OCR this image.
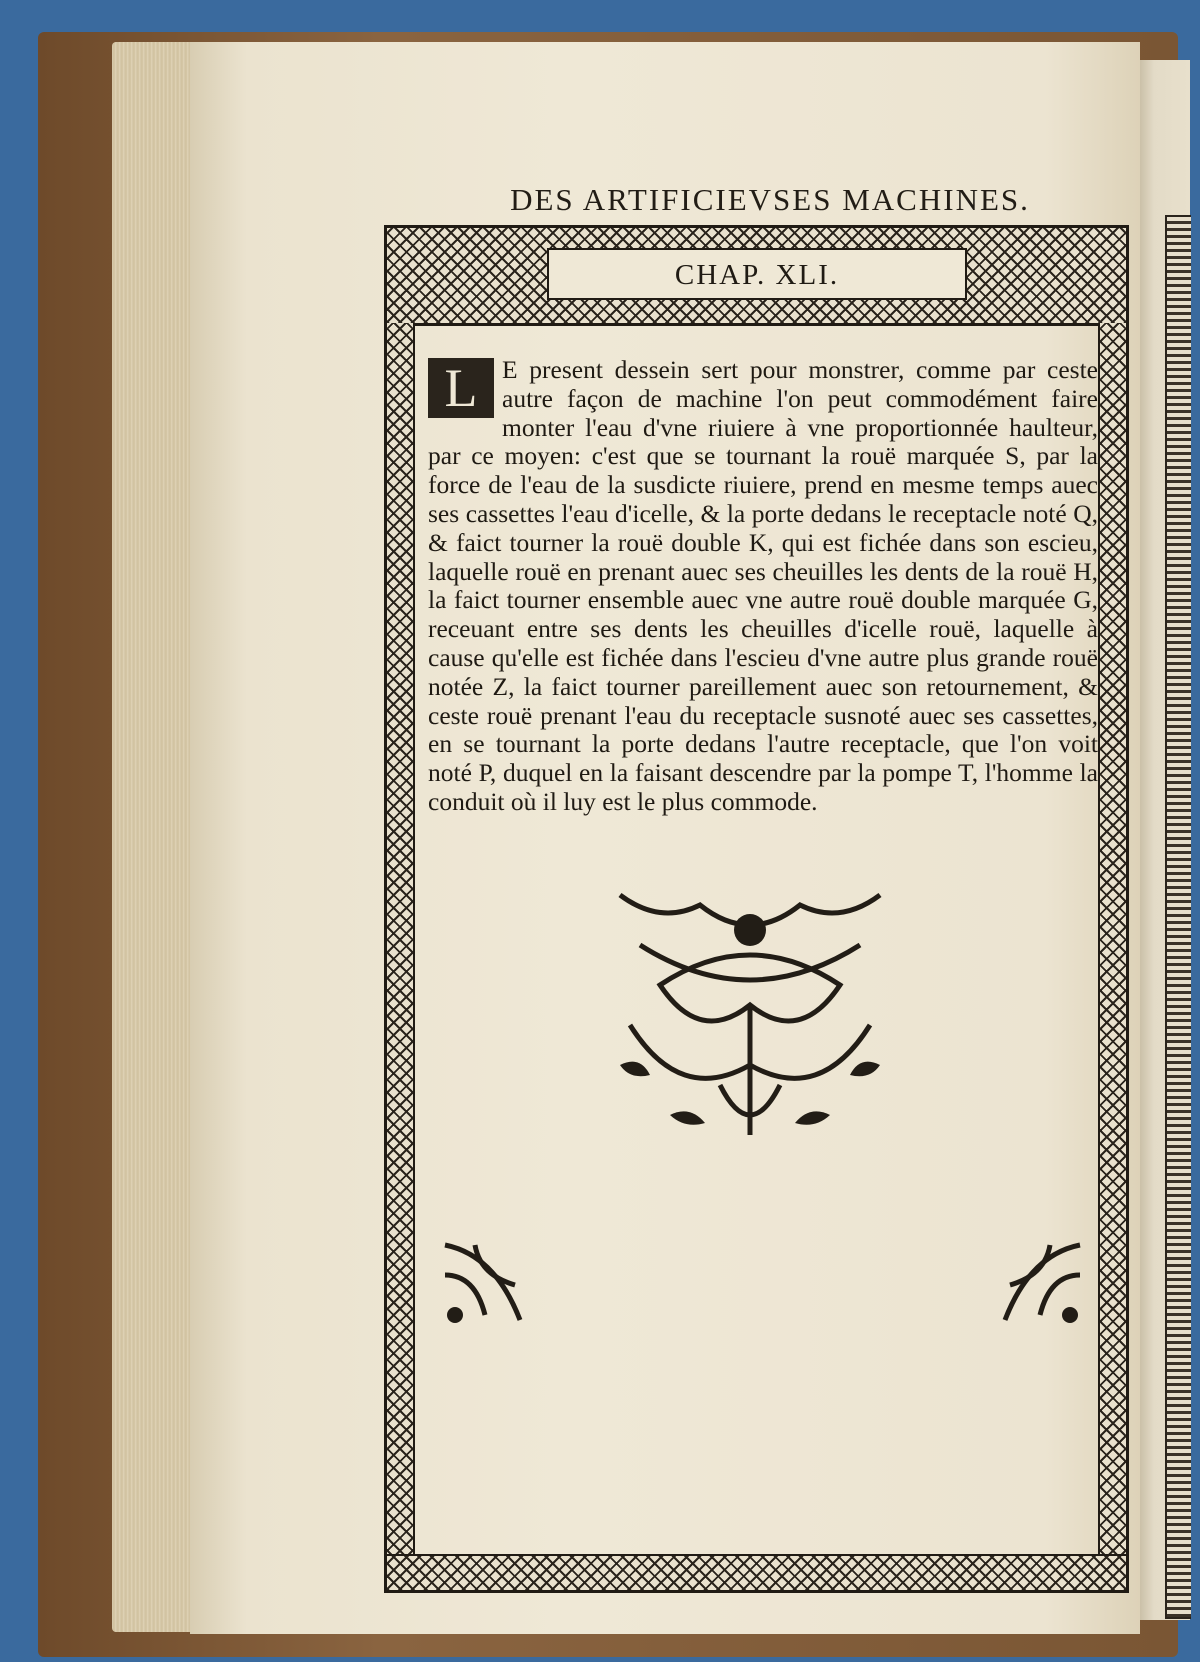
DES ARTIFICIEVSES MACHINES.
CHAP. XLI.
L E present dessein sert pour monstrer, comme par ceste autre façon de machine l'on peut commodément faire monter l'eau d'vne riuiere à vne proportionnée haulteur, par ce moyen: c'est que se tournant la rouë marquée S, par la force de l'eau de la susdicte riuiere, prend en mesme temps auec ses cassettes l'eau d'icelle, & la porte dedans le receptacle noté Q, & faict tourner la rouë double K, qui est fichée dans son escieu, laquelle rouë en prenant auec ses cheuilles les dents de la rouë H, la faict tourner ensemble auec vne autre rouë double marquée G, receuant entre ses dents les cheuilles d'icelle rouë, laquelle à cause qu'elle est fichée dans l'escieu d'vne autre plus grande rouë notée Z, la faict tourner pareillement auec son retournement, & ceste rouë prenant l'eau du receptacle susnoté auec ses cassettes, en se tournant la porte dedans l'autre receptacle, que l'on voit noté P, duquel en la faisant descendre par la pompe T, l'homme la conduit où il luy est le plus commode.
